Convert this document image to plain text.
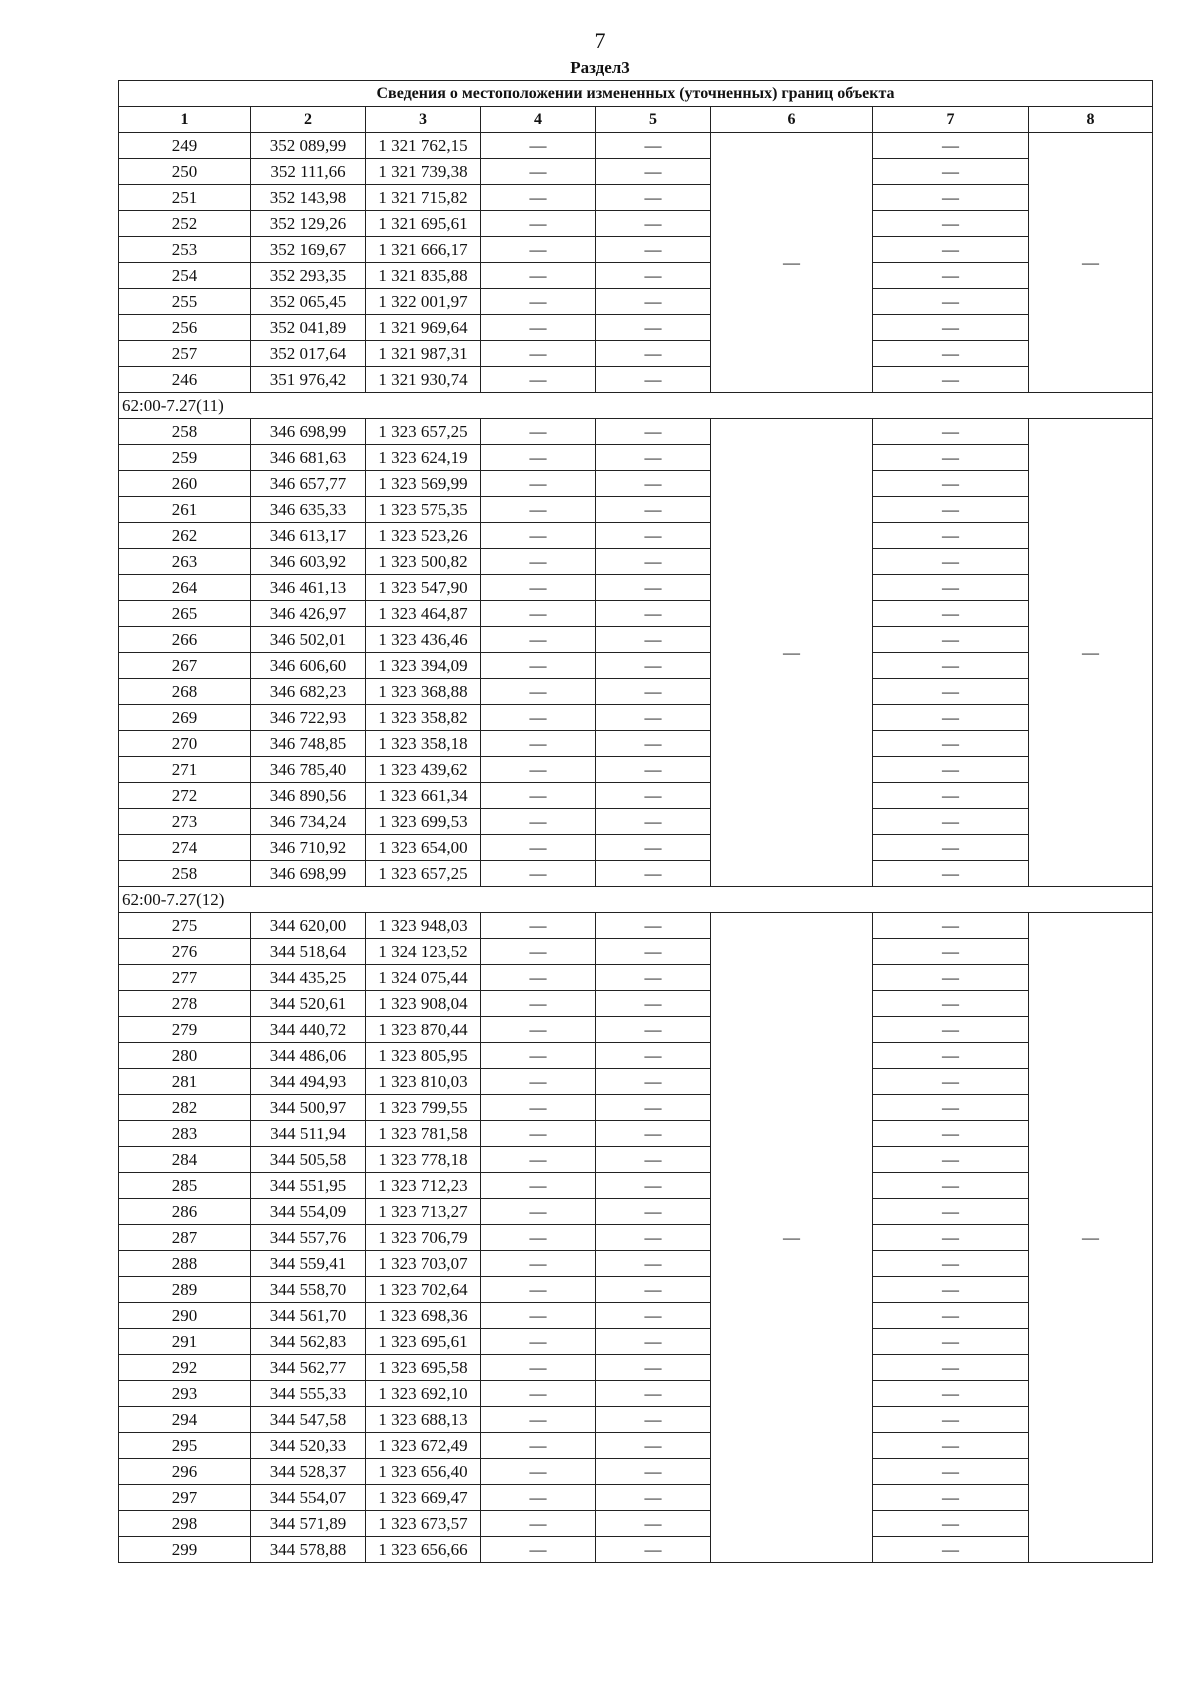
7
Раздел3
Сведения о местоположении измененных (уточненных) границ объекта							
1	2	3	4	5	6	7	8
249	352 089,99	1 321 762,15	—	—	—	—	—
250	352 111,66	1 321 739,38	—	—		—	
251	352 143,98	1 321 715,82	—	—		—	
252	352 129,26	1 321 695,61	—	—		—	
253	352 169,67	1 321 666,17	—	—		—	
254	352 293,35	1 321 835,88	—	—		—	
255	352 065,45	1 322 001,97	—	—		—	
256	352 041,89	1 321 969,64	—	—		—	
257	352 017,64	1 321 987,31	—	—		—	
246	351 976,42	1 321 930,74	—	—		—	
62:00-7.27(11)							
258	346 698,99	1 323 657,25	—	—	—	—	—
259	346 681,63	1 323 624,19	—	—		—	
260	346 657,77	1 323 569,99	—	—		—	
261	346 635,33	1 323 575,35	—	—		—	
262	346 613,17	1 323 523,26	—	—		—	
263	346 603,92	1 323 500,82	—	—		—	
264	346 461,13	1 323 547,90	—	—		—	
265	346 426,97	1 323 464,87	—	—		—	
266	346 502,01	1 323 436,46	—	—		—	
267	346 606,60	1 323 394,09	—	—		—	
268	346 682,23	1 323 368,88	—	—		—	
269	346 722,93	1 323 358,82	—	—		—	
270	346 748,85	1 323 358,18	—	—		—	
271	346 785,40	1 323 439,62	—	—		—	
272	346 890,56	1 323 661,34	—	—		—	
273	346 734,24	1 323 699,53	—	—		—	
274	346 710,92	1 323 654,00	—	—		—	
258	346 698,99	1 323 657,25	—	—		—	
62:00-7.27(12)							
275	344 620,00	1 323 948,03	—	—	—	—	—
276	344 518,64	1 324 123,52	—	—		—	
277	344 435,25	1 324 075,44	—	—		—	
278	344 520,61	1 323 908,04	—	—		—	
279	344 440,72	1 323 870,44	—	—		—	
280	344 486,06	1 323 805,95	—	—		—	
281	344 494,93	1 323 810,03	—	—		—	
282	344 500,97	1 323 799,55	—	—		—	
283	344 511,94	1 323 781,58	—	—		—	
284	344 505,58	1 323 778,18	—	—		—	
285	344 551,95	1 323 712,23	—	—		—	
286	344 554,09	1 323 713,27	—	—		—	
287	344 557,76	1 323 706,79	—	—		—	
288	344 559,41	1 323 703,07	—	—		—	
289	344 558,70	1 323 702,64	—	—		—	
290	344 561,70	1 323 698,36	—	—		—	
291	344 562,83	1 323 695,61	—	—		—	
292	344 562,77	1 323 695,58	—	—		—	
293	344 555,33	1 323 692,10	—	—		—	
294	344 547,58	1 323 688,13	—	—		—	
295	344 520,33	1 323 672,49	—	—		—	
296	344 528,37	1 323 656,40	—	—		—	
297	344 554,07	1 323 669,47	—	—		—	
298	344 571,89	1 323 673,57	—	—		—	
299	344 578,88	1 323 656,66	—	—		—	
